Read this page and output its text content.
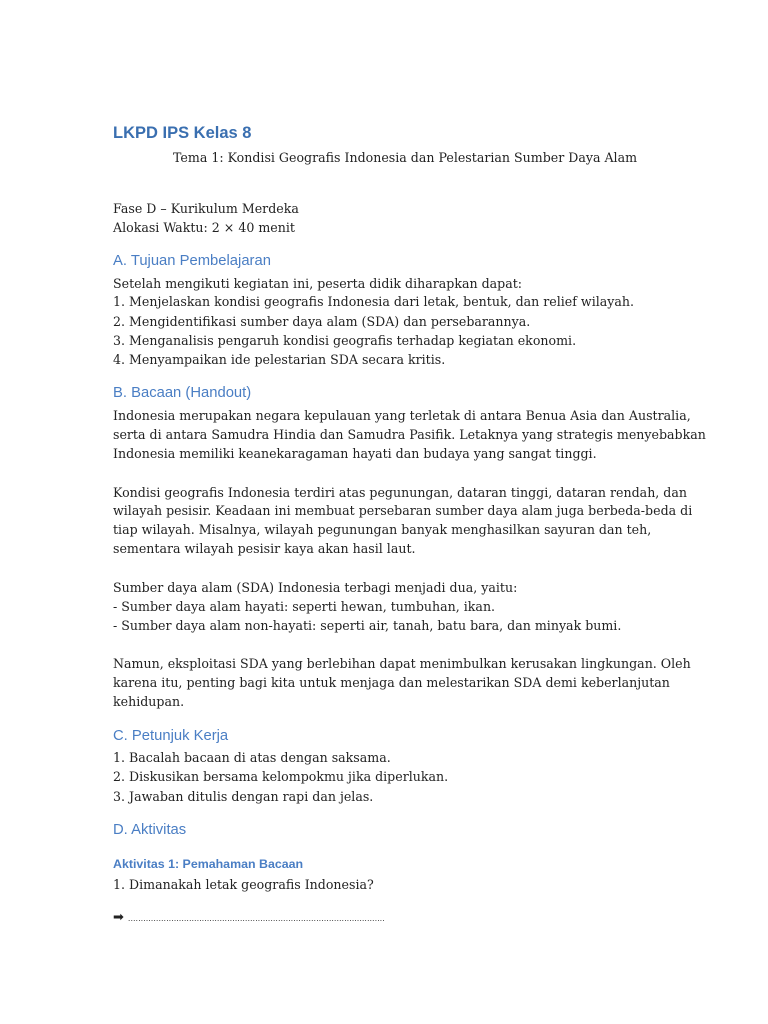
LKPD IPS Kelas 8
Tema 1: Kondisi Geografis Indonesia dan Pelestarian Sumber Daya Alam
Fase D – Kurikulum Merdeka
Alokasi Waktu: 2 × 40 menit
A. Tujuan Pembelajaran
Setelah mengikuti kegiatan ini, peserta didik diharapkan dapat:
1. Menjelaskan kondisi geografis Indonesia dari letak, bentuk, dan relief wilayah.
2. Mengidentifikasi sumber daya alam (SDA) dan persebarannya.
3. Menganalisis pengaruh kondisi geografis terhadap kegiatan ekonomi.
4. Menyampaikan ide pelestarian SDA secara kritis.
B. Bacaan (Handout)
Indonesia merupakan negara kepulauan yang terletak di antara Benua Asia dan Australia,
serta di antara Samudra Hindia dan Samudra Pasifik. Letaknya yang strategis menyebabkan
Indonesia memiliki keanekaragaman hayati dan budaya yang sangat tinggi.
Kondisi geografis Indonesia terdiri atas pegunungan, dataran tinggi, dataran rendah, dan
wilayah pesisir. Keadaan ini membuat persebaran sumber daya alam juga berbeda-beda di
tiap wilayah. Misalnya, wilayah pegunungan banyak menghasilkan sayuran dan teh,
sementara wilayah pesisir kaya akan hasil laut.
Sumber daya alam (SDA) Indonesia terbagi menjadi dua, yaitu:
- Sumber daya alam hayati: seperti hewan, tumbuhan, ikan.
- Sumber daya alam non-hayati: seperti air, tanah, batu bara, dan minyak bumi.
Namun, eksploitasi SDA yang berlebihan dapat menimbulkan kerusakan lingkungan. Oleh
karena itu, penting bagi kita untuk menjaga dan melestarikan SDA demi keberlanjutan
kehidupan.
C. Petunjuk Kerja
1. Bacalah bacaan di atas dengan saksama.
2. Diskusikan bersama kelompokmu jika diperlukan.
3. Jawaban ditulis dengan rapi dan jelas.
D. Aktivitas
Aktivitas 1: Pemahaman Bacaan
1. Dimanakah letak geografis Indonesia?
➡ .....................................................................................................
